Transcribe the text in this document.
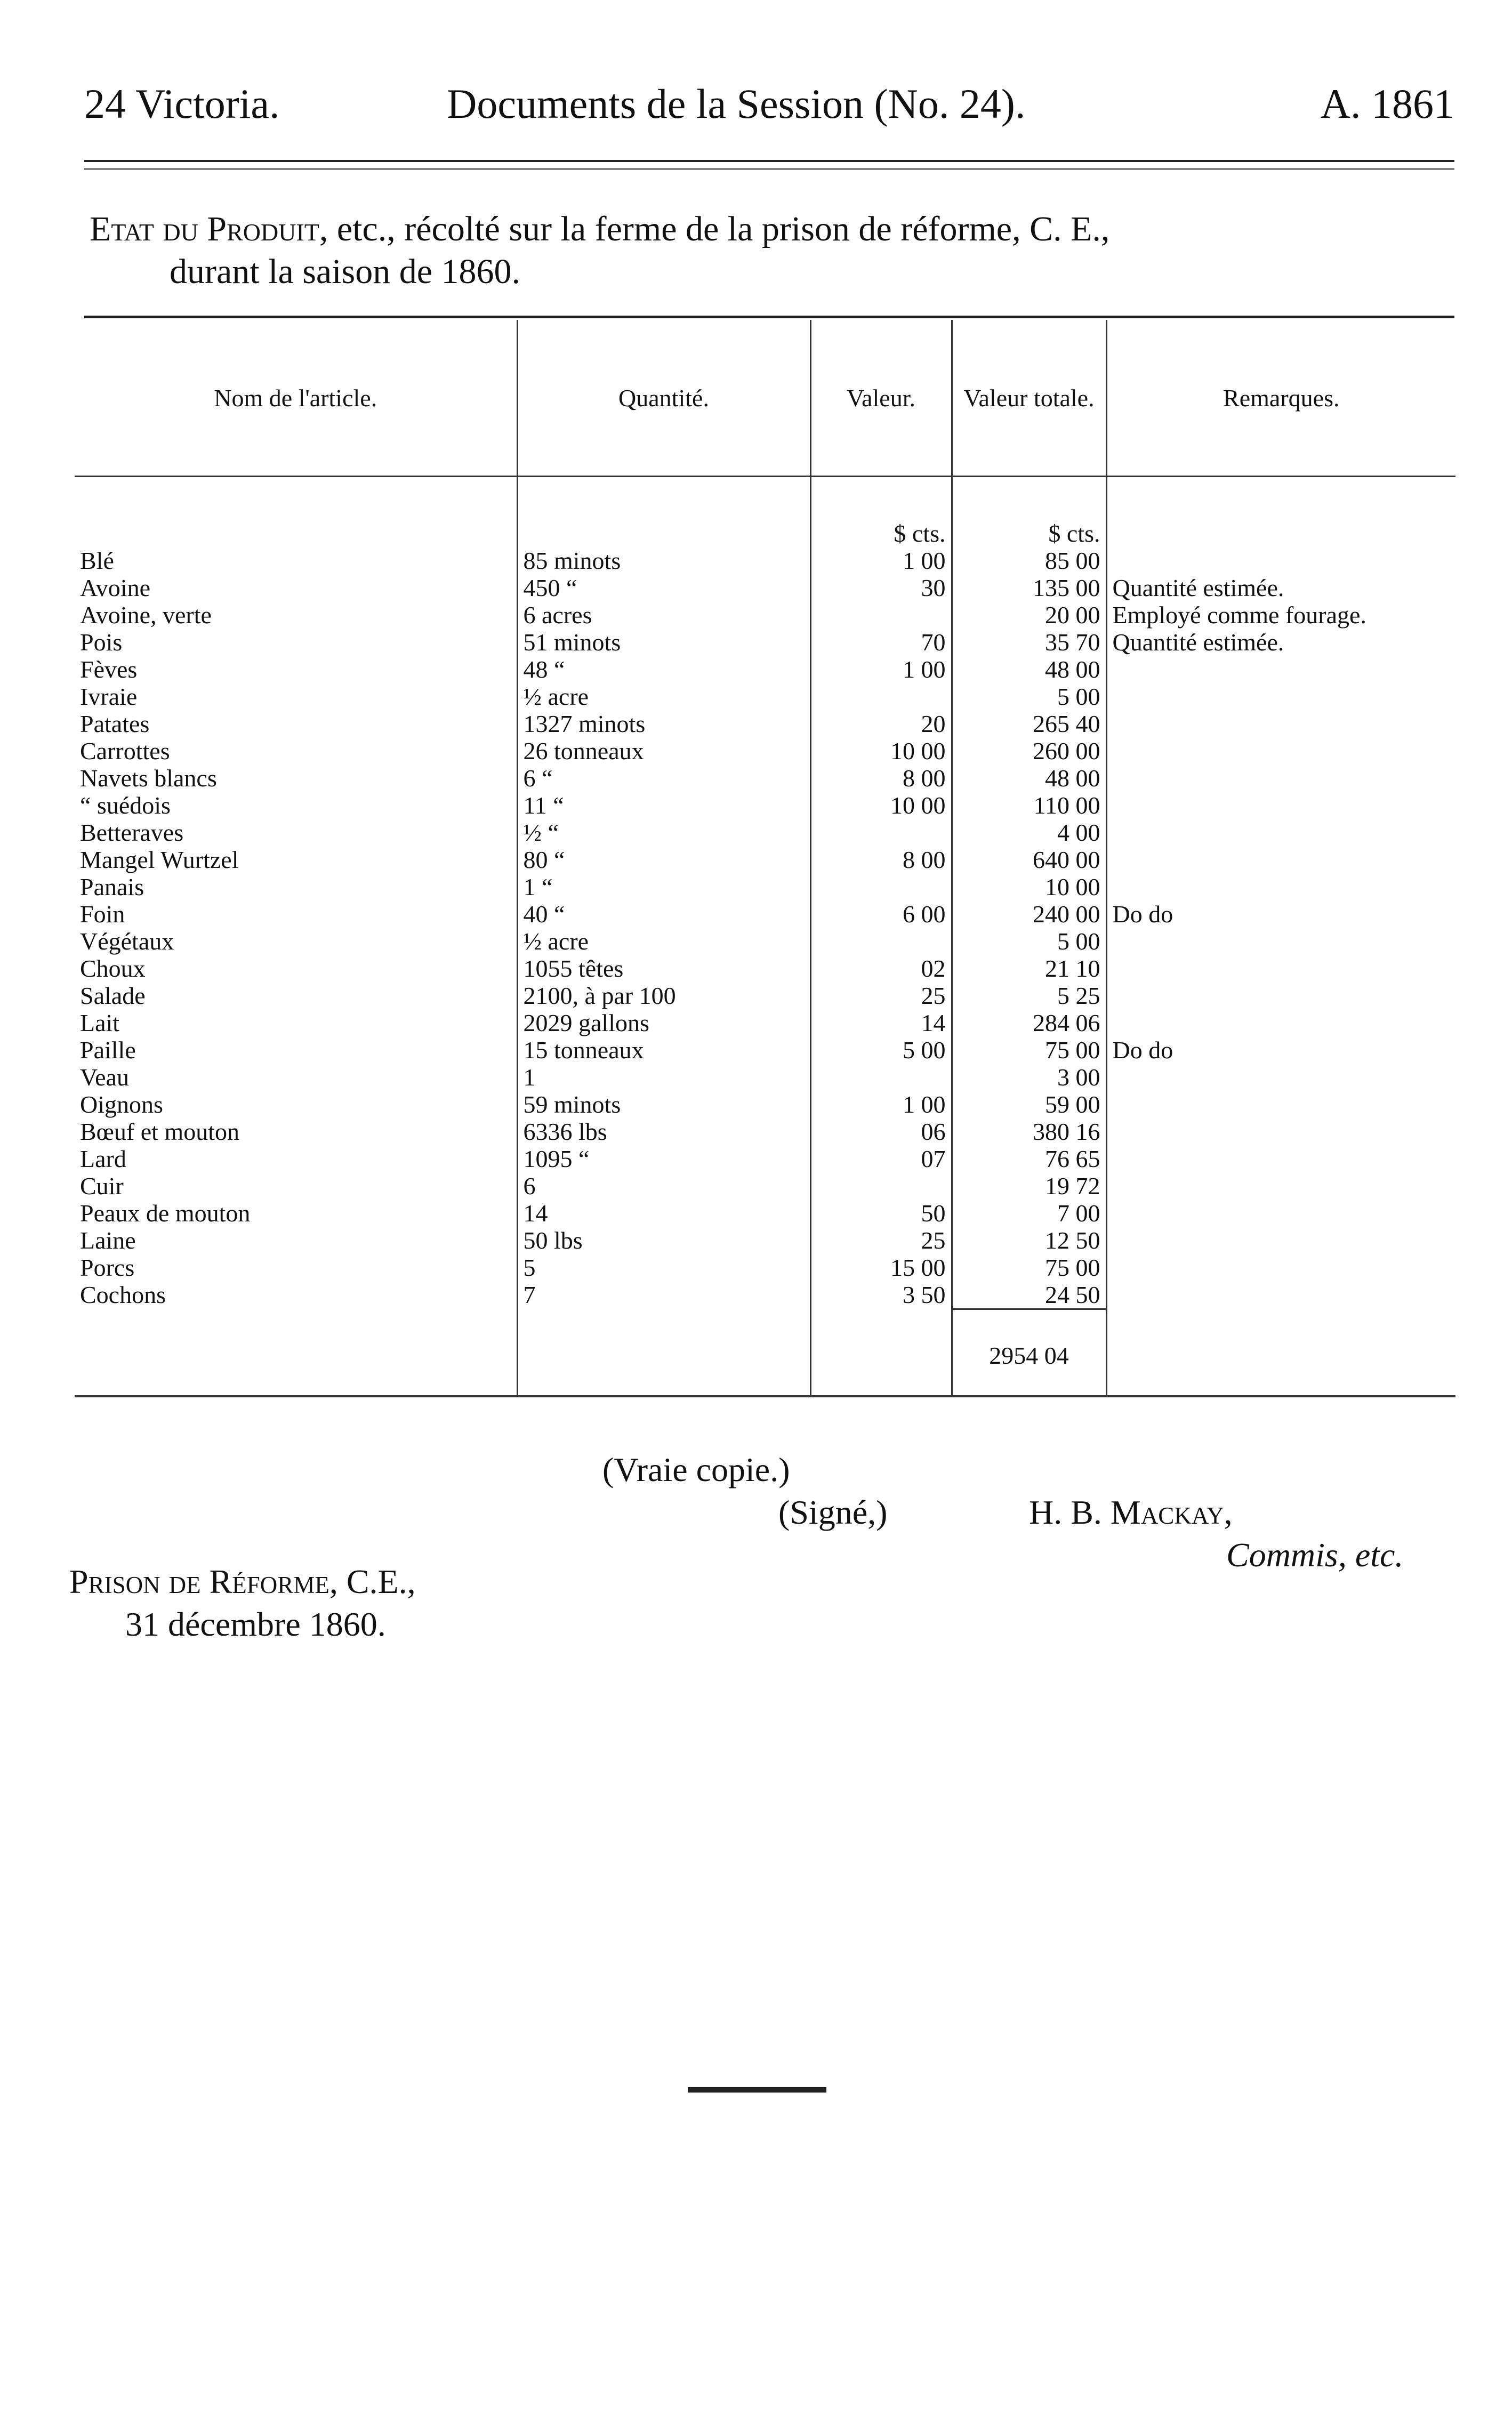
24 Victoria.	Documents de la Session (No. 24).	A. 1861
Etat du Produit, etc., récolté sur la ferme de la prison de réforme, C. E.,
durant la saison de 1860.
Nom de l'article.	Quantité.	Valeur.	Valeur totale.	Remarques.
		$ cts.	$ cts.	
Blé	85 minots	1 00	85 00	
Avoine	450 “	30	135 00	Quantité estimée.
Avoine, verte	6 acres		20 00	Employé comme fourage.
Pois	51 minots	70	35 70	Quantité estimée.
Fèves	48 “	1 00	48 00	
Ivraie	½ acre		5 00	
Patates	1327 minots	20	265 40	
Carrottes	26 tonneaux	10 00	260 00	
Navets blancs	6 “	8 00	48 00	
“ suédois	11 “	10 00	110 00	
Betteraves	½ “		4 00	
Mangel Wurtzel	80 “	8 00	640 00	
Panais	1 “		10 00	
Foin	40 “	6 00	240 00	Do do
Végétaux	½ acre		5 00	
Choux	1055 têtes	02	21 10	
Salade	2100, à par 100	25	5 25	
Lait	2029 gallons	14	284 06	
Paille	15 tonneaux	5 00	75 00	Do do
Veau	1		3 00	
Oignons	59 minots	1 00	59 00	
Bœuf et mouton	6336 lbs	06	380 16	
Lard	1095 “	07	76 65	
Cuir	6		19 72	
Peaux de mouton	14	50	7 00	
Laine	50 lbs	25	12 50	
Porcs	5	15 00	75 00	
Cochons	7	3 50	24 50	
			2954 04	
(Vraie copie.)
(Signé,)	H. B. Mackay,
Commis, etc.
Prison de Réforme, C.E.,
31 décembre 1860.
